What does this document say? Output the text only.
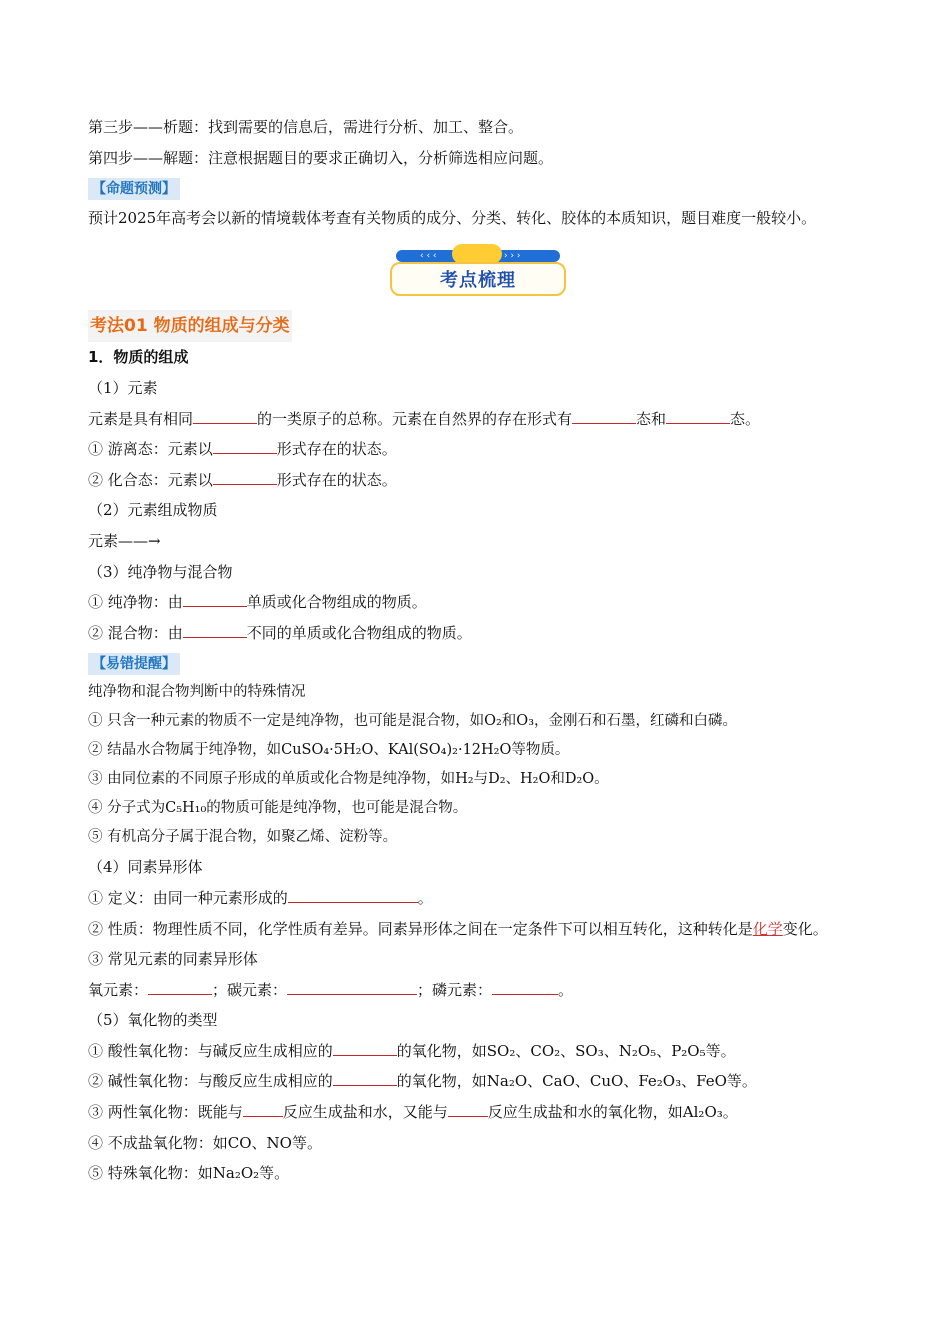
第三步——析题：找到需要的信息后，需进行分析、加工、整合。

第四步——解题：注意根据题目的要求正确切入，分析筛选相应问题。

【命题预测】

预计2025年高考会以新的情境载体考查有关物质的成分、分类、转化、胶体的本质知识，题目难度一般较小。

‹ ‹ ‹	› › ›
考点梳理

考法01 物质的组成与分类

1．物质的组成

（1）元素

元素是具有相同	的一类原子的总称。元素在自然界的存在形式有	态和	态。

① 游离态：元素以	形式存在的状态。

② 化合态：元素以	形式存在的状态。

（2）元素组成物质

元素——→

（3）纯净物与混合物

① 纯净物：由	单质或化合物组成的物质。

② 混合物：由	不同的单质或化合物组成的物质。

【易错提醒】

纯净物和混合物判断中的特殊情况

① 只含一种元素的物质不一定是纯净物，也可能是混合物，如O₂和O₃，金刚石和石墨，红磷和白磷。

② 结晶水合物属于纯净物，如CuSO₄·5H₂O、KAl(SO₄)₂·12H₂O等物质。

③ 由同位素的不同原子形成的单质或化合物是纯净物，如H₂与D₂、H₂O和D₂O。

④ 分子式为C₅H₁₀的物质可能是纯净物，也可能是混合物。

⑤ 有机高分子属于混合物，如聚乙烯、淀粉等。

（4）同素异形体

① 定义：由同一种元素形成的	。

② 性质：物理性质不同，化学性质有差异。同素异形体之间在一定条件下可以相互转化，这种转化是化学变化。

③ 常见元素的同素异形体

氧元素：	；碳元素：	；磷元素：	。

（5）氧化物的类型

① 酸性氧化物：与碱反应生成相应的	的氧化物，如SO₂、CO₂、SO₃、N₂O₅、P₂O₅等。

② 碱性氧化物：与酸反应生成相应的	的氧化物，如Na₂O、CaO、CuO、Fe₂O₃、FeO等。

③ 两性氧化物：既能与	反应生成盐和水，又能与	反应生成盐和水的氧化物，如Al₂O₃。

④ 不成盐氧化物：如CO、NO等。

⑤ 特殊氧化物：如Na₂O₂等。
